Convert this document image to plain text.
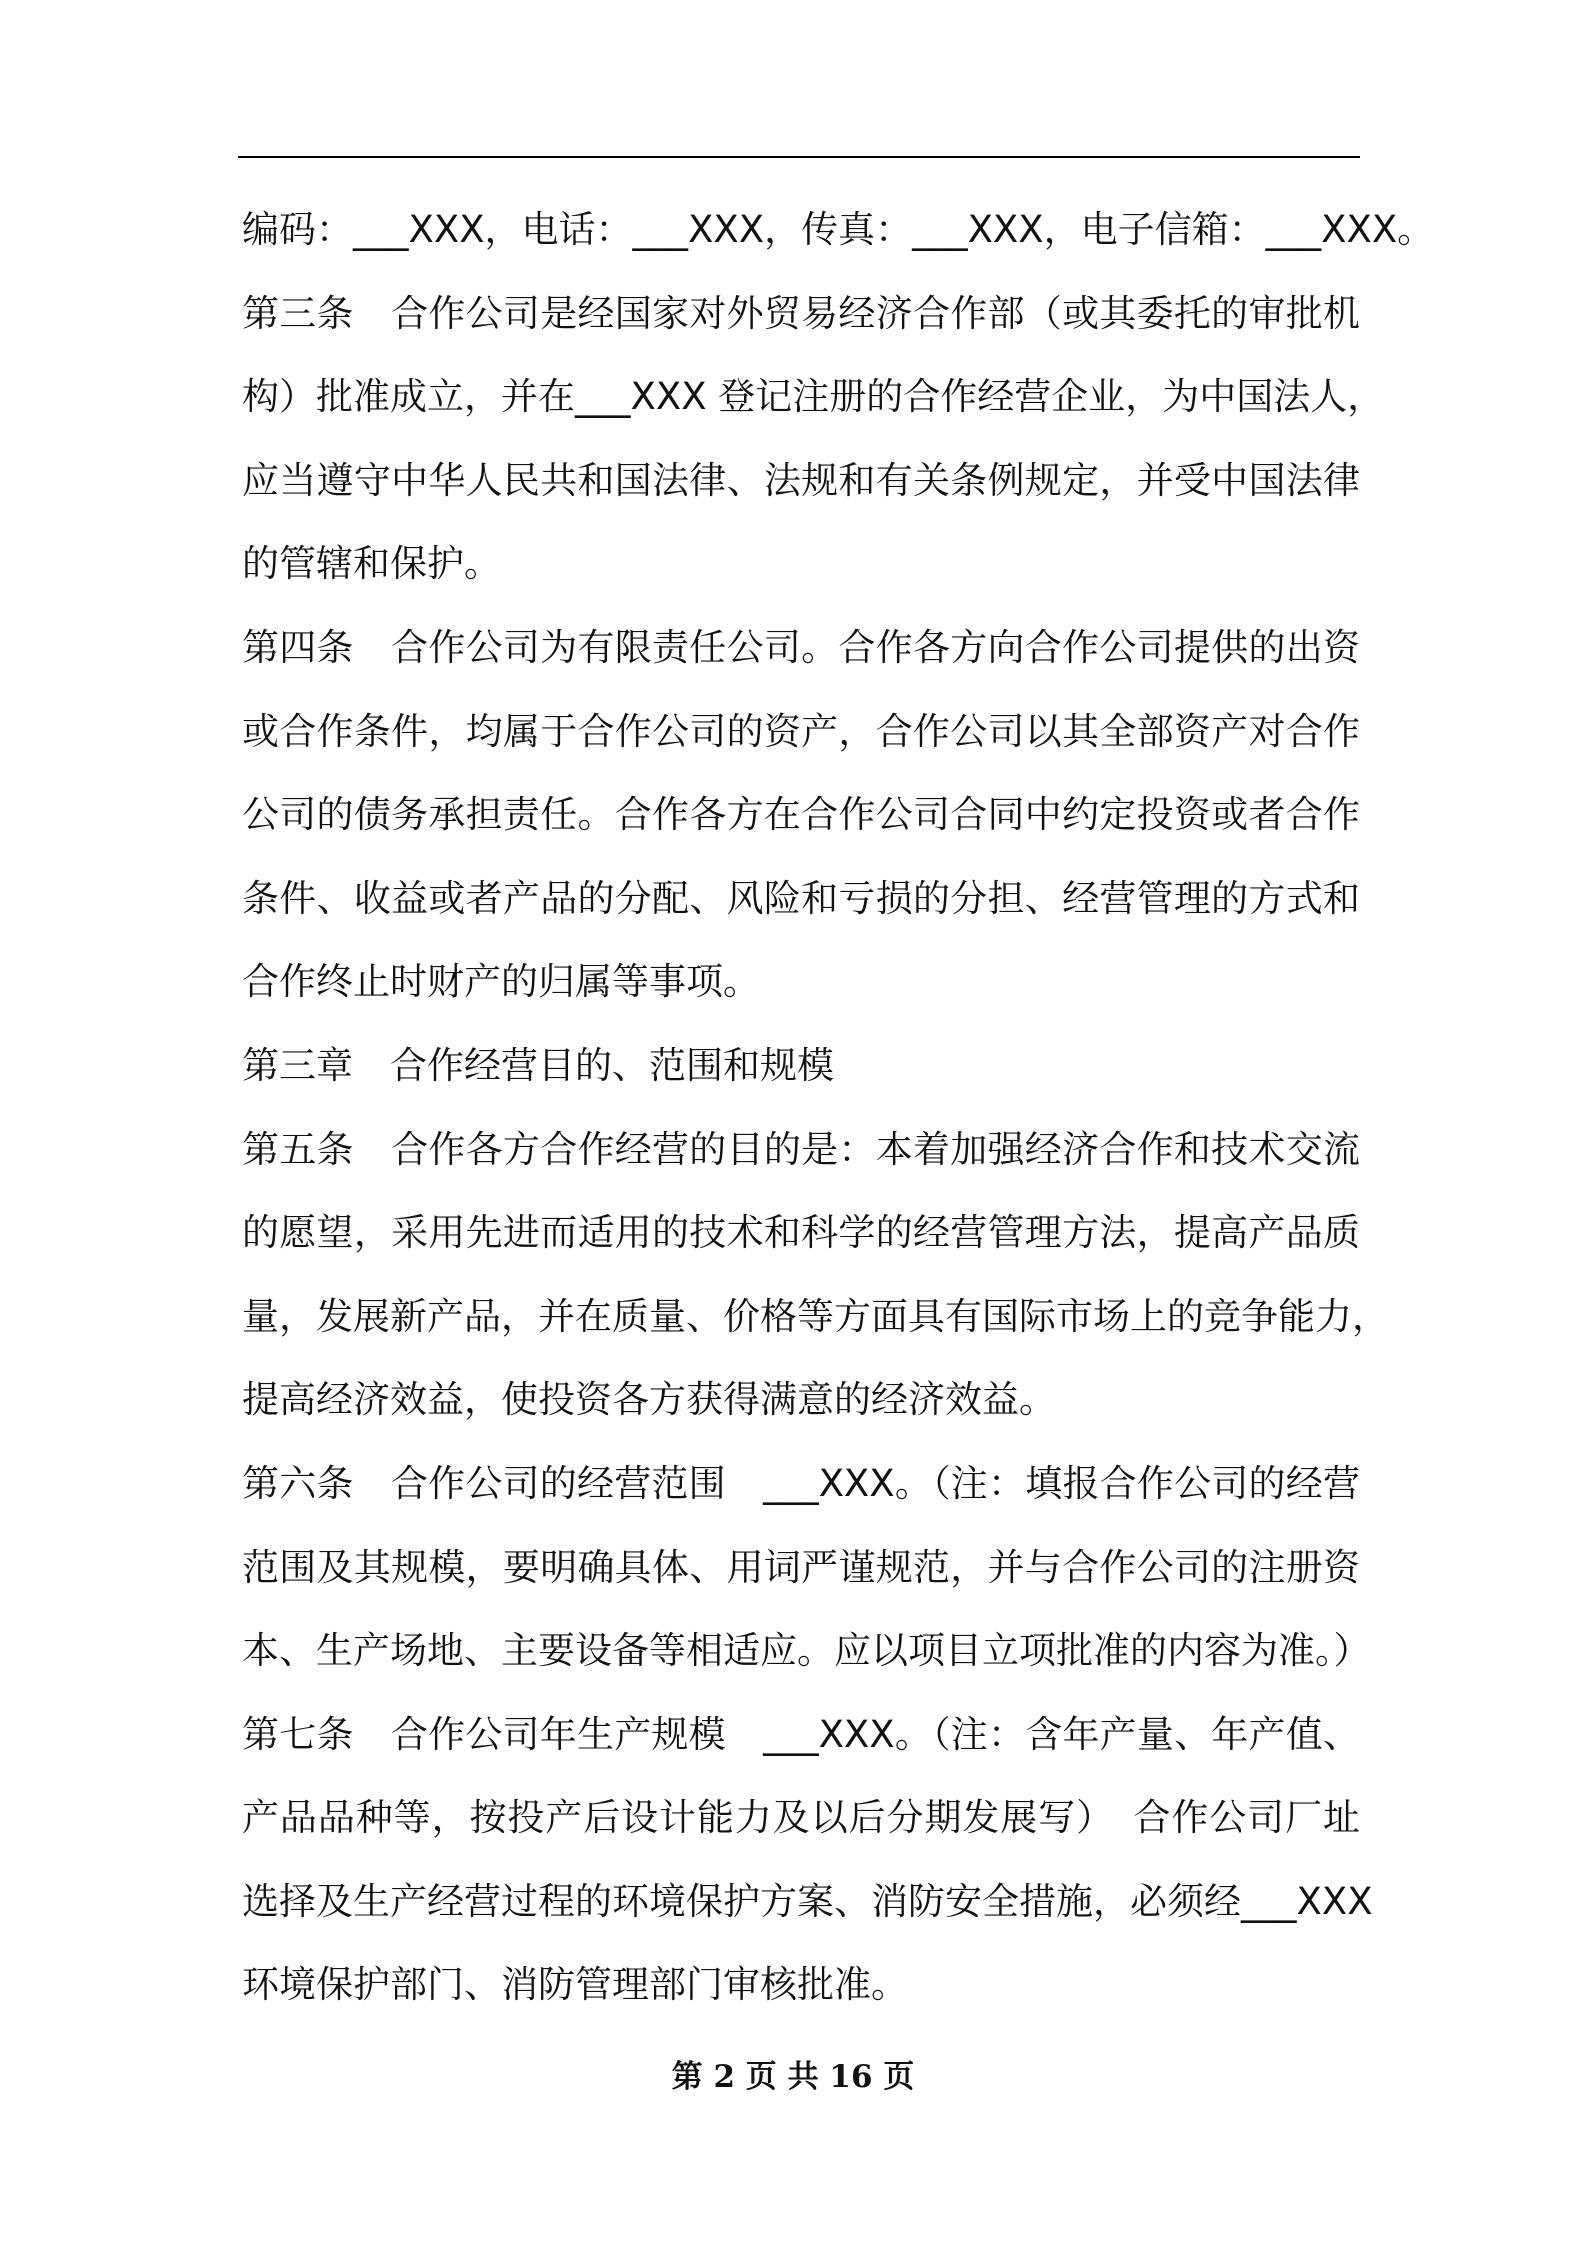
编码：___XXX，电话：___XXX，传真：___XXX，电子信箱：___XXX。
第三条　合作公司是经国家对外贸易经济合作部（或其委托的审批机
构）批准成立，并在___XXX 登记注册的合作经营企业，为中国法人，
应当遵守中华人民共和国法律、法规和有关条例规定，并受中国法律
的管辖和保护。
第四条　合作公司为有限责任公司。合作各方向合作公司提供的出资
或合作条件，均属于合作公司的资产，合作公司以其全部资产对合作
公司的债务承担责任。合作各方在合作公司合同中约定投资或者合作
条件、收益或者产品的分配、风险和亏损的分担、经营管理的方式和
合作终止时财产的归属等事项。
第三章　合作经营目的、范围和规模
第五条　合作各方合作经营的目的是：本着加强经济合作和技术交流
的愿望，采用先进而适用的技术和科学的经营管理方法，提高产品质
量，发展新产品，并在质量、价格等方面具有国际市场上的竞争能力，
提高经济效益，使投资各方获得满意的经济效益。
第六条　合作公司的经营范围　___XXX。（注：填报合作公司的经营
范围及其规模，要明确具体、用词严谨规范，并与合作公司的注册资
本、生产场地、主要设备等相适应。应以项目立项批准的内容为准。）
第七条　合作公司年生产规模　___XXX。（注：含年产量、年产值、
产品品种等，按投产后设计能力及以后分期发展写）　合作公司厂址
选择及生产经营过程的环境保护方案、消防安全措施，必须经___XXX
环境保护部门、消防管理部门审核批准。
第 2 页 共 16 页
